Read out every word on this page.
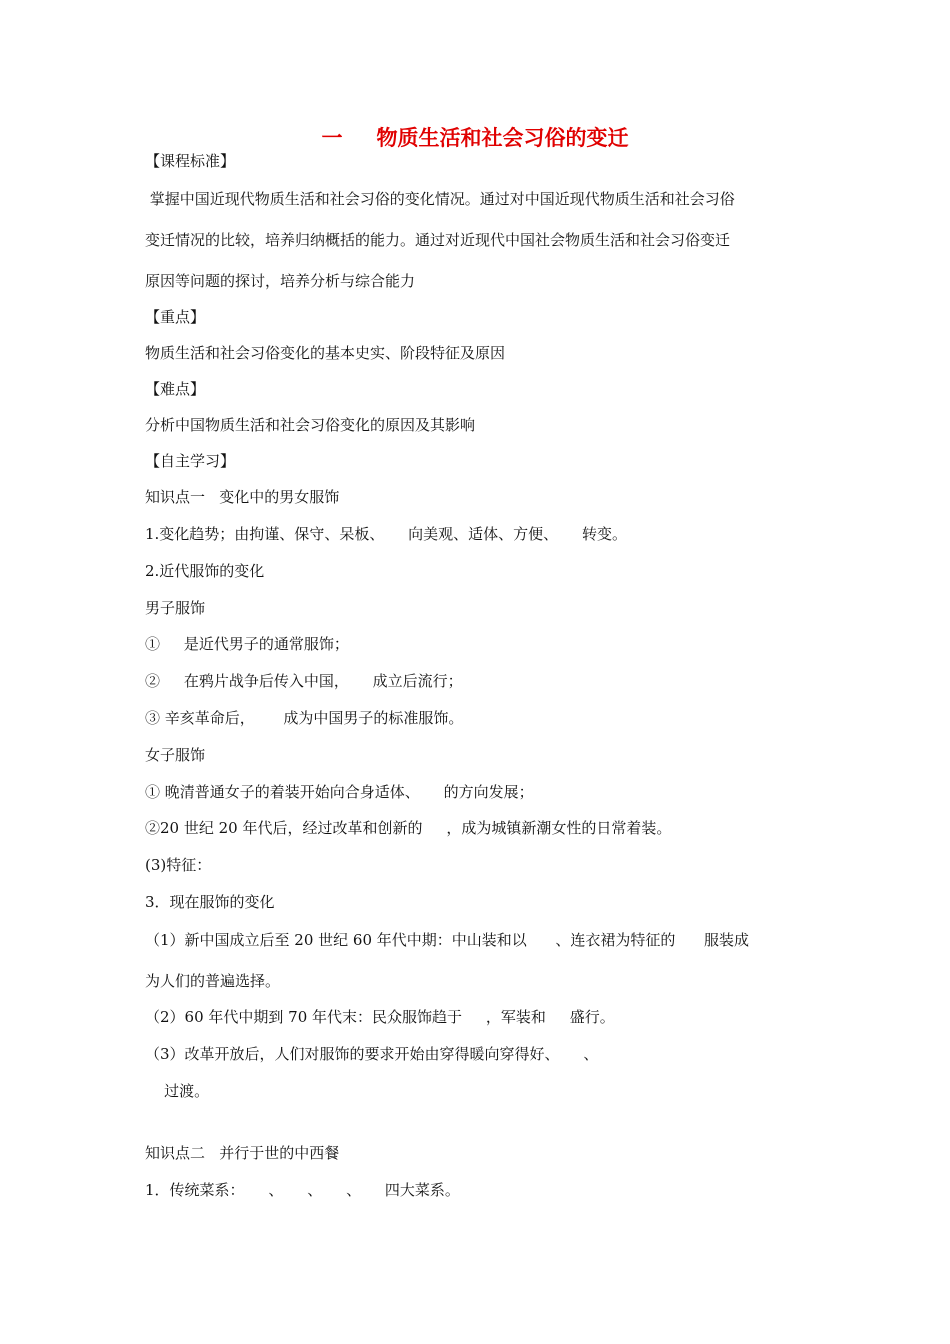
一 物质生活和社会习俗的变迁
【课程标准】
掌握中国近现代物质生活和社会习俗的变化情况。通过对中国近现代物质生活和社会习俗
变迁情况的比较，培养归纳概括的能力。通过对近现代中国社会物质生活和社会习俗变迁
原因等问题的探讨，培养分析与综合能力
【重点】
物质生活和社会习俗变化的基本史实、阶段特征及原因
【难点】
分析中国物质生活和社会习俗变化的原因及其影响
【自主学习】
知识点一   变化中的男女服饰
1.变化趋势；由拘谨、保守、呆板、     向美观、适体、方便、     转变。
2.近代服饰的变化
男子服饰
①     是近代男子的通常服饰；
②     在鸦片战争后传入中国，     成立后流行；
③ 辛亥革命后，      成为中国男子的标准服饰。
女子服饰
① 晚清普通女子的着装开始向合身适体、     的方向发展；
②20 世纪 20 年代后，经过改革和创新的     ，成为城镇新潮女性的日常着装。
(3)特征：
3．现在服饰的变化
（1）新中国成立后至 20 世纪 60 年代中期：中山装和以      、连衣裙为特征的      服装成
为人们的普遍选择。
（2）60 年代中期到 70 年代末：民众服饰趋于     ，军装和     盛行。
（3）改革开放后，人们对服饰的要求开始由穿得暖向穿得好、     、
过渡。
知识点二   并行于世的中西餐
1．传统菜系：     、     、     、     四大菜系。
